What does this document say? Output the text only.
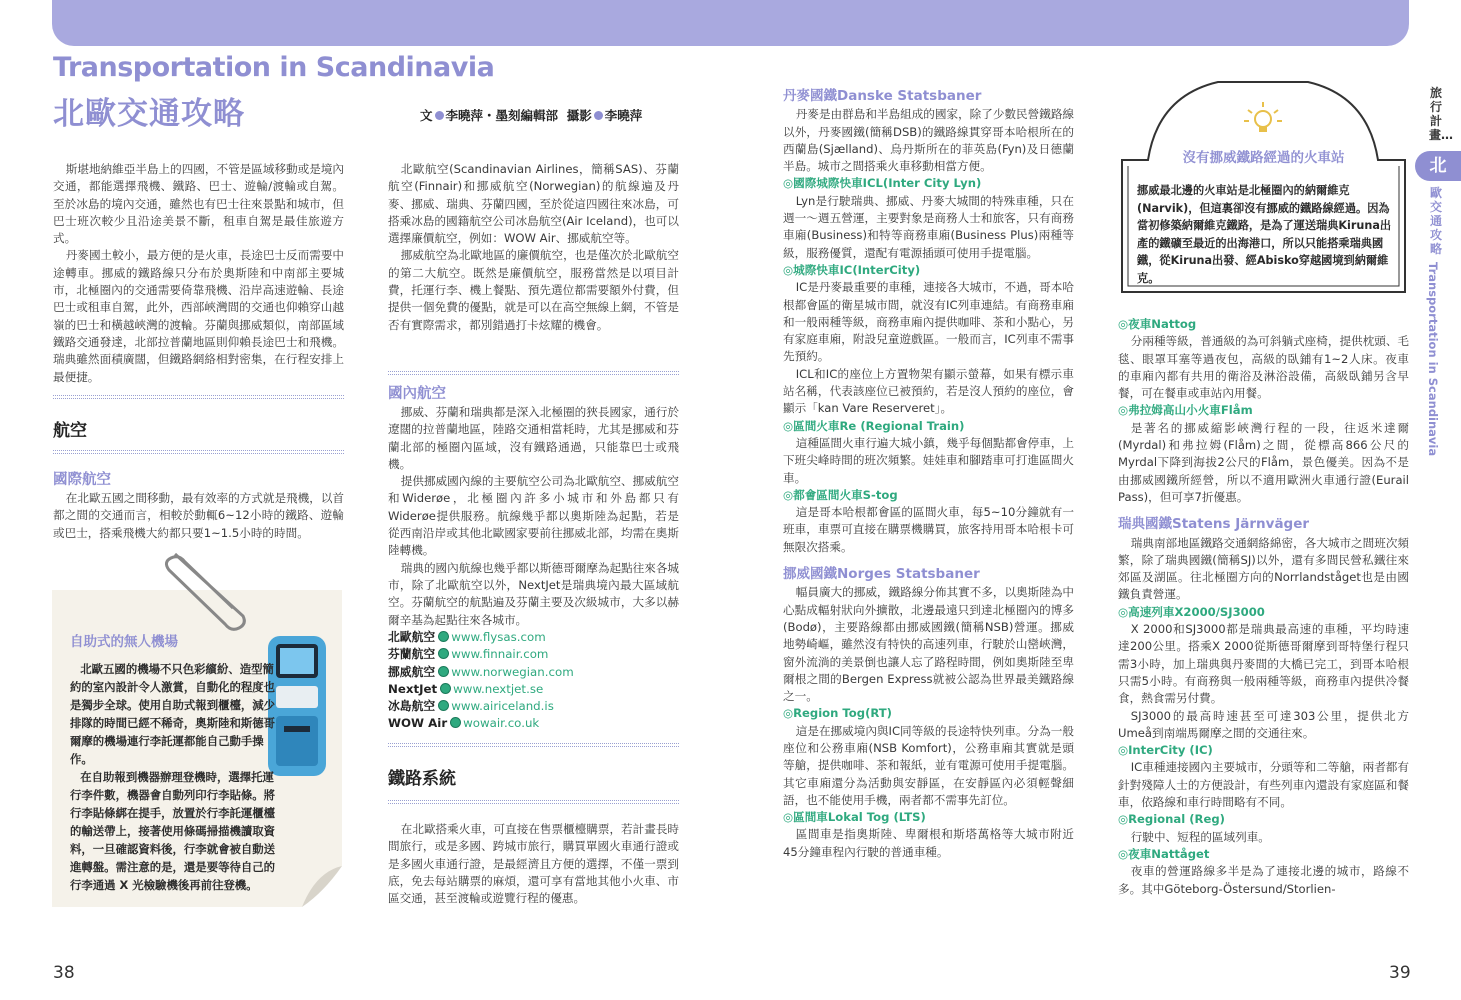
Transportation in Scandinavia
北歐交通攻略	文 李曉萍・墨刻編輯部 攝影 李曉萍

斯堪地納維亞半島上的四國，不管是區域移動或是境內交通，都能選擇飛機、鐵路、巴士、遊輪/渡輪或自駕。至於冰島的境內交通，雖然也有巴士往來景點和城市，但巴士班次較少且沿途美景不斷，租車自駕是最佳旅遊方式。

丹麥國土較小，最方便的是火車，長途巴士反而需要中途轉車。挪威的鐵路線只分布於奧斯陸和中南部主要城市，北極圈內的交通需要倚靠飛機、沿岸高速遊輪、長途巴士或租車自駕，此外，西部峽灣間的交通也仰賴穿山越嶺的巴士和橫越峽灣的渡輪。芬蘭與挪威類似，南部區域鐵路交通發達，北部拉普蘭地區則仰賴長途巴士和飛機。瑞典雖然面積廣闊，但鐵路網絡相對密集，在行程安排上最便捷。

航空
國際航空

在北歐五國之間移動，最有效率的方式就是飛機，以首都之間的交通而言，相較於動輒6~12小時的鐵路、遊輪或巴士，搭乘飛機大約都只要1~1.5小時的時間。

自助式的無人機場

北歐五國的機場不只色彩繽紛、造型簡約的室內設計令人激賞，自動化的程度也是獨步全球。使用自助式報到櫃檯，減少排隊的時間已經不稀奇，奧斯陸和斯德哥爾摩的機場連行李託運都能自己動手操作。

在自助報到機器辦理登機時，選擇托運行李件數，機器會自動列印行李貼條。將行李貼條綁在提手，放置於行李託運櫃檯的輸送帶上，接著使用條碼掃描機讀取資料，一旦確認資料後，行李就會被自動送進轉盤。需注意的是，還是要等待自己的行李通過 X 光檢驗機後再前往登機。

北歐航空(Scandinavian Airlines，簡稱SAS)、芬蘭航空(Finnair)和挪威航空(Norwegian)的航線遍及丹麥、挪威、瑞典、芬蘭四國，至於從這四國往來冰島，可搭乘冰島的國籍航空公司冰島航空(Air Iceland)，也可以選擇廉價航空，例如：WOW Air、挪威航空等。

挪威航空為北歐地區的廉價航空，也是僅次於北歐航空的第二大航空。既然是廉價航空，服務當然是以項目計費，托運行李、機上餐點、預先選位都需要額外付費，但提供一個免費的優點，就是可以在高空無線上網，不管是否有實際需求，都別錯過打卡炫耀的機會。

國內航空

挪威、芬蘭和瑞典都是深入北極圈的狹長國家，通行於遼闊的拉普蘭地區，陸路交通相當耗時，尤其是挪威和芬蘭北部的極圈內區域，沒有鐵路通過，只能靠巴士或飛機。

提供挪威國內線的主要航空公司為北歐航空、挪威航空和Widerøe，北極圈內許多小城市和外島都只有Widerøe提供服務。航線幾乎都以奧斯陸為起點，若是從西南沿岸或其他北歐國家要前往挪威北部，均需在奧斯陸轉機。

瑞典的國內航線也幾乎都以斯德哥爾摩為起點往來各城市，除了北歐航空以外，NextJet是瑞典境內最大區域航空。芬蘭航空的航點遍及芬蘭主要及次級城市，大多以赫爾辛基為起點往來各城市。

北歐航空 www.flysas.com
芬蘭航空 www.finnair.com
挪威航空 www.norwegian.com
NextJet www.nextjet.se
冰島航空 www.airiceland.is
WOW Air wowair.co.uk
鐵路系統

在北歐搭乘火車，可直接在售票櫃檯購票，若計畫長時間旅行，或是多國、跨城市旅行，購買單國火車通行證或是多國火車通行證，是最經濟且方便的選擇，不僅一票到底，免去每站購票的麻煩，還可享有當地其他小火車、市區交通，甚至渡輪或遊覽行程的優惠。

丹麥國鐵Danske Statsbaner

丹麥是由群島和半島組成的國家，除了少數民營鐵路線以外，丹麥國鐵(簡稱DSB)的鐵路線貫穿哥本哈根所在的西蘭島(Sjælland)、烏丹斯所在的菲英島(Fyn)及日德蘭半島。城市之間搭乘火車移動相當方便。

◎國際城際快車ICL(Inter City Lyn)

Lyn是行駛瑞典、挪威、丹麥大城間的特殊車種，只在週一～週五營運，主要對象是商務人士和旅客，只有商務車廂(Business)和特等商務車廂(Business Plus)兩種等級，服務優質，還配有電源插頭可使用手提電腦。

◎城際快車IC(InterCity)

IC是丹麥最重要的車種，連接各大城市，不過，哥本哈根都會區的衛星城市間，就沒有IC列車連結。有商務車廂和一般兩種等級，商務車廂內提供咖啡、茶和小點心，另有家庭車廂，附設兒童遊戲區。一般而言，IC列車不需事先預約。

ICL和IC的座位上方置物架有顯示螢幕，如果有標示車站名稱，代表該座位已被預約，若是沒人預約的座位，會顯示「kan Vare Reserveret」。

◎區間火車Re (Regional Train)

這種區間火車行遍大城小鎮，幾乎每個點都會停車，上下班尖峰時間的班次頻繁。娃娃車和腳踏車可打進區間火車。

◎都會區間火車S-tog

這是哥本哈根都會區的區間火車，每5~10分鐘就有一班車，車票可直接在購票機購買，旅客持用哥本哈根卡可無限次搭乘。

挪威國鐵Norges Statsbaner

幅員廣大的挪威，鐵路線分佈其實不多，以奧斯陸為中心點成輻射狀向外擴散，北邊最遠只到達北極圈內的博多(Bodø)，主要路線都由挪威國鐵(簡稱NSB)營運。挪威地勢崎嶇，雖然沒有特快的高速列車，行駛於山巒峽灣，窗外流淌的美景倒也讓人忘了路程時間，例如奧斯陸至卑爾根之間的Bergen Express就被公認為世界最美鐵路線之一。

◎Region Tog(RT)

這是在挪威境內與IC同等級的長途特快列車。分為一般座位和公務車廂(NSB Komfort)，公務車廂其實就是頭等艙，提供咖啡、茶和報紙，並有電源可使用手提電腦。其它車廂還分為活動與安靜區，在安靜區內必須輕聲細語，也不能使用手機，兩者都不需事先訂位。

◎區間車Lokal Tog (LTS)

區間車是指奧斯陸、卑爾根和斯塔萬格等大城市附近45分鐘車程內行駛的普通車種。

沒有挪威鐵路經過的火車站
挪威最北邊的火車站是北極圈內的納爾維克(Narvik)，但這裏卻沒有挪威的鐵路線經過。因為當初修築納爾維克鐵路，是為了運送瑞典Kiruna出產的鐵礦至最近的出海港口，所以只能搭乘瑞典國鐵，從Kiruna出發、經Abisko穿越國境到納爾維克。
◎夜車Nattog

分兩種等級，普通級的為可斜躺式座椅，提供枕頭、毛毯、眼罩耳塞等過夜包，高級的臥鋪有1~2人床。夜車的車廂內都有共用的衛浴及淋浴設備，高級臥鋪另含早餐，可在餐車或車站內用餐。

◎弗拉姆高山小火車Flåm

是著名的挪威縮影峽灣行程的一段，往返米達爾(Myrdal)和弗拉姆(Flåm)之間，從標高866公尺的Myrdal下降到海拔2公尺的Flåm，景色優美。因為不是由挪威國鐵所經營，所以不適用歐洲火車通行證(Eurail Pass)，但可享7折優惠。

瑞典國鐵Statens Järnväger

瑞典南部地區鐵路交通網絡綿密，各大城市之間班次頻繁，除了瑞典國鐵(簡稱SJ)以外，還有多間民營私鐵往來郊區及湖區。往北極圈方向的Norrlandståget也是由國鐵負責營運。

◎高速列車X2000/SJ3000

X 2000和SJ3000都是瑞典最高速的車種，平均時速達200公里。搭乘X 2000從斯德哥爾摩到哥特堡行程只需3小時，加上瑞典與丹麥間的大橋已完工，到哥本哈根只需5小時。有商務與一般兩種等級，商務車內提供冷餐食，熱食需另付費。

SJ3000的最高時速甚至可達303公里，提供北方Umeå到南端馬爾摩之間的交通往來。

◎InterCity (IC)

IC車種連接國內主要城市，分頭等和二等艙，兩者都有針對殘障人士的方便設計，有些列車內還設有家庭區和餐車，依路線和車行時間略有不同。

◎Regional (Reg)

行駛中、短程的區域列車。

◎夜車Nattåget

夜車的營運路線多半是為了連接北邊的城市，路線不多。其中Göteborg-Östersund/Storlien-

旅行計畫…
北
歐交通攻略
Transportation in Scandinavia
38	39
